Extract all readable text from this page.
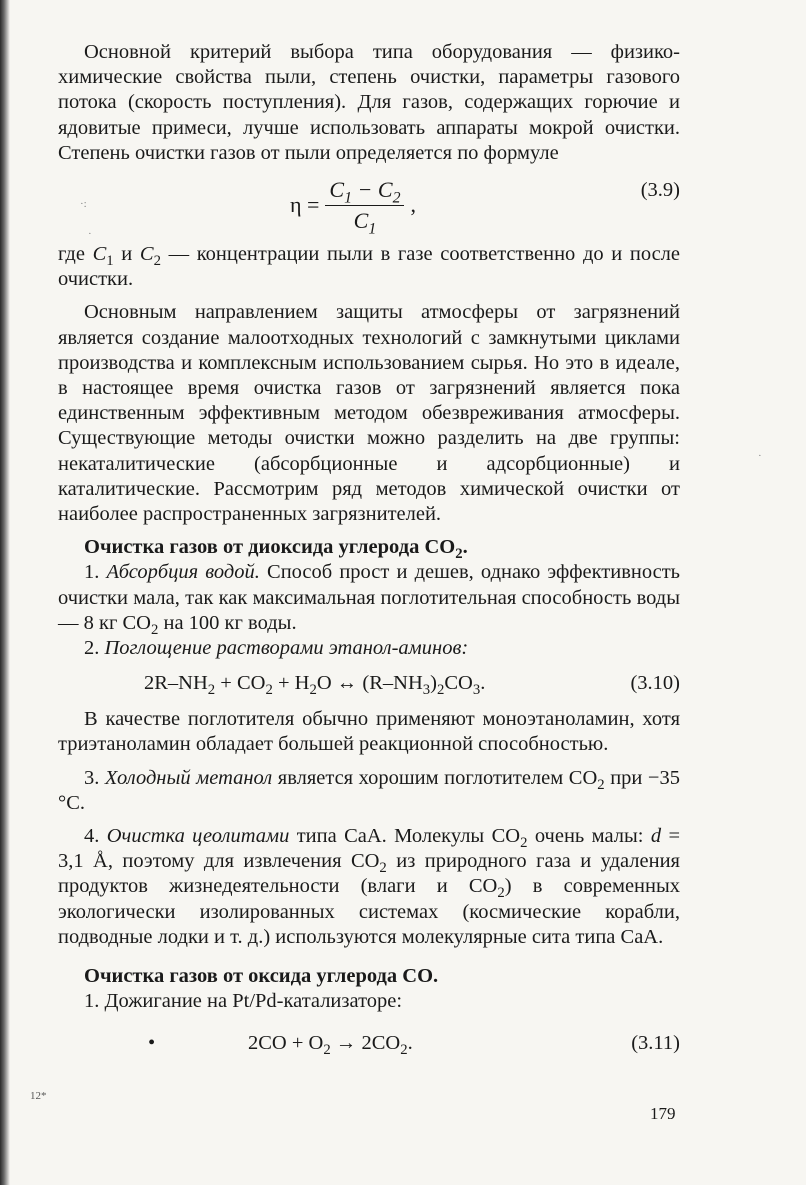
·:
·
·

Основной критерий выбора типа оборудования — физико-химические свойства пыли, степень очистки, параметры газового потока (скорость поступления). Для газов, содержащих горючие и ядовитые примеси, лучше использовать аппараты мокрой очистки. Степень очистки газов от пыли определяется по формуле

$\eta = \frac{C_1 - C_2}{C_1}$ ,
(3.9)

где $C_1$ и $C_2$ — концентрации пыли в газе соответственно до и после очистки.

Основным направлением защиты атмосферы от загрязнений является создание малоотходных технологий с замкнутыми циклами производства и комплексным использованием сырья. Но это в идеале, в настоящее время очистка газов от загрязнений является пока единственным эффективным методом обезвреживания атмосферы. Существующие методы очистки можно разделить на две группы: некаталитические (абсорбционные и адсорбционные) и каталитические. Рассмотрим ряд методов химической очистки от наиболее распространенных загрязнителей.

Очистка газов от диоксида углерода $СО_2$.

1. Абсорбция водой. Способ прост и дешев, однако эффективность очистки мала, так как максимальная поглотительная способность воды — 8 кг $СО_2$ на 100 кг воды.

2. Поглощение растворами этанол-аминов:

$2R-NH_2 + CO_2 + H_2O$ ↔ $(R-NH_3)_2CO_3$.	(3.10)

В качестве поглотителя обычно применяют моноэтаноламин, хотя триэтаноламин обладает большей реакционной способностью.

3. Холодный метанол является хорошим поглотителем $СО_2$ при −35 °С.

4. Очистка цеолитами типа СаА. Молекулы $СО_2$ очень малы: d = 3,1 Å, поэтому для извлечения $СО_2$ из природного газа и удаления продуктов жизнедеятельности (влаги и $СО_2$) в современных экологически изолированных системах (космические корабли, подводные лодки и т. д.) используются молекулярные сита типа СаА.

Очистка газов от оксида углерода СО.

1. Дожигание на Pt/Pd-катализаторе:

•	$2CO + O_2 \to 2CO_2$.	(3.11)
12*
179
